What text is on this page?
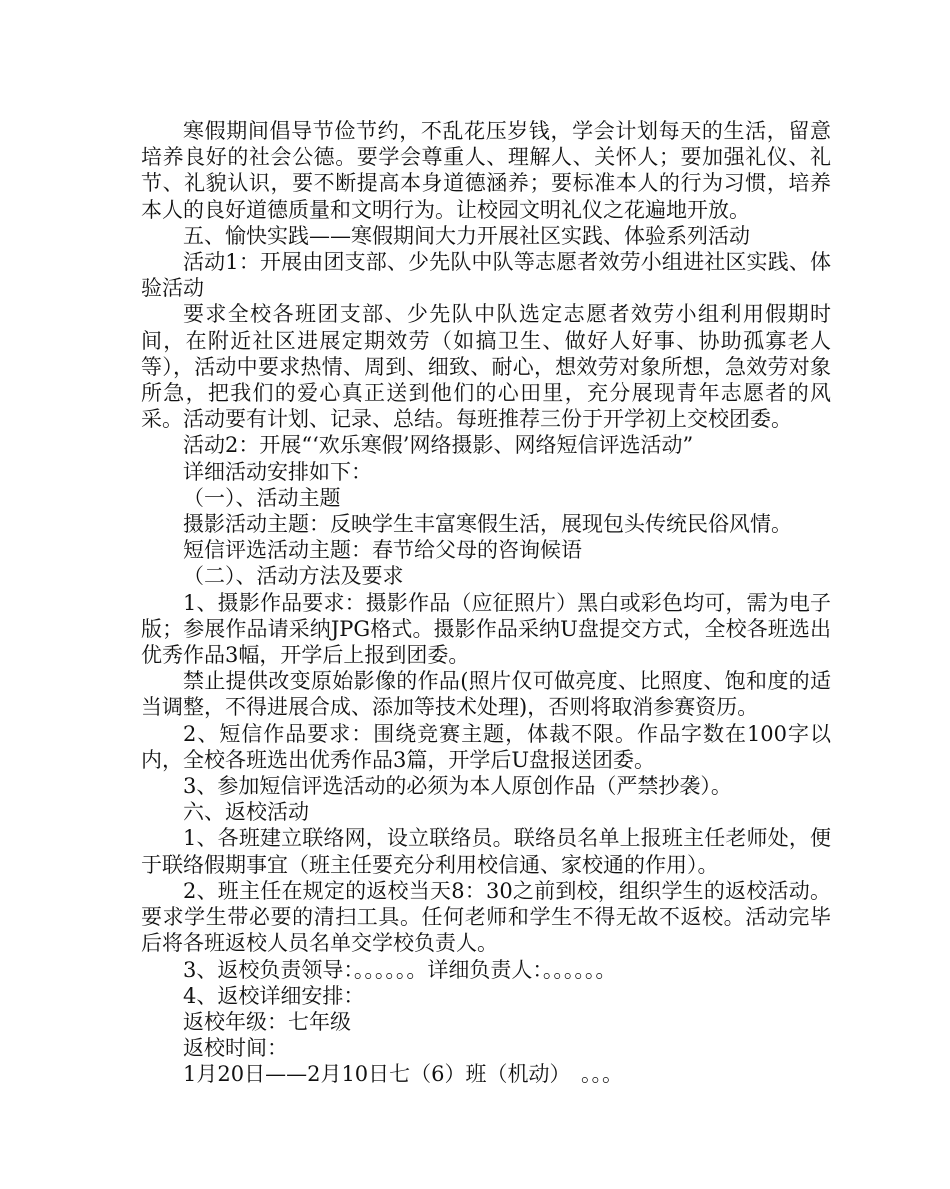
寒假期间倡导节俭节约，不乱花压岁钱，学会计划每天的生活，留意培养良好的社会公德。要学会尊重人、理解人、关怀人；要加强礼仪、礼节、礼貌认识，要不断提高本身道德涵养；要标准本人的行为习惯，培养本人的良好道德质量和文明行为。让校园文明礼仪之花遍地开放。

五、愉快实践——寒假期间大力开展社区实践、体验系列活动

活动1：开展由团支部、少先队中队等志愿者效劳小组进社区实践、体验活动

要求全校各班团支部、少先队中队选定志愿者效劳小组利用假期时间，在附近社区进展定期效劳（如搞卫生、做好人好事、协助孤寡老人等），活动中要求热情、周到、细致、耐心，想效劳对象所想，急效劳对象所急，把我们的爱心真正送到他们的心田里，充分展现青年志愿者的风采。活动要有计划、记录、总结。每班推荐三份于开学初上交校团委。

活动2：开展“‘欢乐寒假’网络摄影、网络短信评选活动”

详细活动安排如下：

（一）、活动主题

摄影活动主题：反映学生丰富寒假生活，展现包头传统民俗风情。

短信评选活动主题：春节给父母的咨询候语

（二）、活动方法及要求

1、摄影作品要求：摄影作品（应征照片）黑白或彩色均可，需为电子版；参展作品请采纳JPG格式。摄影作品采纳U盘提交方式，全校各班选出优秀作品3幅，开学后上报到团委。

禁止提供改变原始影像的作品(照片仅可做亮度、比照度、饱和度的适当调整，不得进展合成、添加等技术处理)，否则将取消参赛资历。

2、短信作品要求：围绕竞赛主题，体裁不限。作品字数在100字以内，全校各班选出优秀作品3篇，开学后U盘报送团委。

3、参加短信评选活动的必须为本人原创作品（严禁抄袭）。

六、返校活动

1、各班建立联络网，设立联络员。联络员名单上报班主任老师处，便于联络假期事宜（班主任要充分利用校信通、家校通的作用）。

2、班主任在规定的返校当天8：30之前到校，组织学生的返校活动。要求学生带必要的清扫工具。任何老师和学生不得无故不返校。活动完毕后将各班返校人员名单交学校负责人。

3、返校负责领导：。。。。。。详细负责人：。。。。。。

4、返校详细安排：

返校年级：七年级

返校时间：

1月20日——2月10日七（6）班（机动）　。。。
